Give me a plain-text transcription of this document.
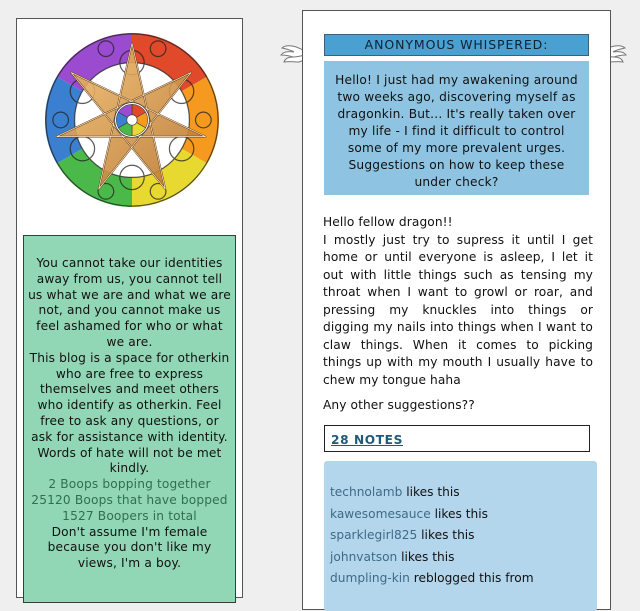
You cannot take our identities away from us, you cannot tell us what we are and what we are not, and you cannot make us feel ashamed for who or what we are.

This blog is a space for otherkin who are free to express themselves and meet others who identify as otherkin. Feel free to ask any questions, or ask for assistance with identity. Words of hate will not be met kindly.

2 Boops bopping together

25120 Boops that have bopped

1527 Boopers in total

Don't assume I'm female because you don't like my views, I'm a boy.

ANONYMOUS WHISPERED:
Hello! I just had my awakening around two weeks ago, discovering myself as dragonkin. But... It's really taken over my life - I find it difficult to control some of my more prevalent urges. Suggestions on how to keep these under check?
Hello fellow dragon!!

I mostly just try to supress it until I get home or until everyone is asleep, I let it out with little things such as tensing my throat when I want to growl or roar, and pressing my knuckles into things or digging my nails into things when I want to claw things. When it comes to picking things up with my mouth I usually have to chew my tongue haha

Any other suggestions??

28 NOTES
technolamb likes this
kawesomesauce likes this
sparklegirl825 likes this
johnvatson likes this
dumpling-kin reblogged this from
